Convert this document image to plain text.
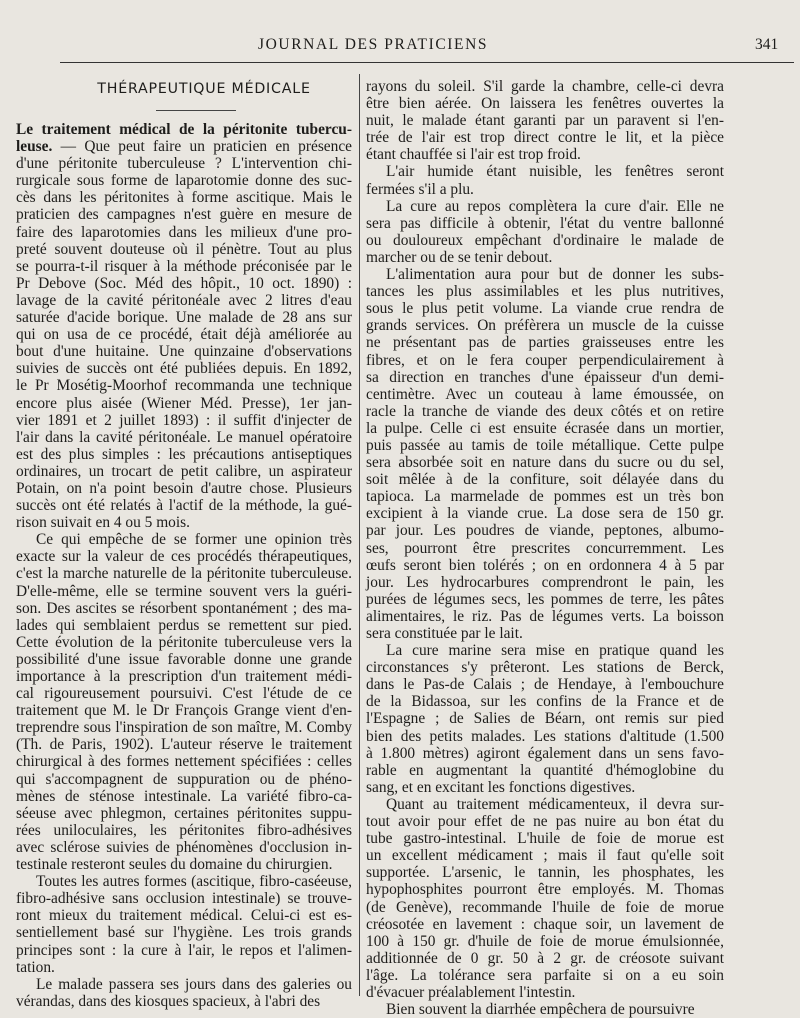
JOURNAL DES PRATICIENS	341
THÉRAPEUTIQUE MÉDICALE
Le traitement médical de la péritonite tubercu-
leuse. — Que peut faire un praticien en présence
d'une péritonite tuberculeuse ? L'intervention chi-
rurgicale sous forme de laparotomie donne des suc-
cès dans les péritonites à forme ascitique. Mais le
praticien des campagnes n'est guère en mesure de
faire des laparotomies dans les milieux d'une pro-
preté souvent douteuse où il pénètre. Tout au plus
se pourra-t-il risquer à la méthode préconisée par le
Pr Debove (Soc. Méd des hôpit., 10 oct. 1890) :
lavage de la cavité péritonéale avec 2 litres d'eau
saturée d'acide borique. Une malade de 28 ans sur
qui on usa de ce procédé, était déjà améliorée au
bout d'une huitaine. Une quinzaine d'observations
suivies de succès ont été publiées depuis. En 1892,
le Pr Mosétig-Moorhof recommanda une technique
encore plus aisée (Wiener Méd. Presse), 1er jan-
vier 1891 et 2 juillet 1893) : il suffit d'injecter de
l'air dans la cavité péritonéale. Le manuel opératoire
est des plus simples : les précautions antiseptiques
ordinaires, un trocart de petit calibre, un aspirateur
Potain, on n'a point besoin d'autre chose. Plusieurs
succès ont été relatés à l'actif de la méthode, la gué-
rison suivait en 4 ou 5 mois.
Ce qui empêche de se former une opinion très
exacte sur la valeur de ces procédés thérapeutiques,
c'est la marche naturelle de la péritonite tuberculeuse.
D'elle-même, elle se termine souvent vers la guéri-
son. Des ascites se résorbent spontanément ; des ma-
lades qui semblaient perdus se remettent sur pied.
Cette évolution de la péritonite tuberculeuse vers la
possibilité d'une issue favorable donne une grande
importance à la prescription d'un traitement médi-
cal rigoureusement poursuivi. C'est l'étude de ce
traitement que M. le Dr François Grange vient d'en-
treprendre sous l'inspiration de son maître, M. Comby
(Th. de Paris, 1902). L'auteur réserve le traitement
chirurgical à des formes nettement spécifiées : celles
qui s'accompagnent de suppuration ou de phéno-
mènes de sténose intestinale. La variété fibro-ca-
séeuse avec phlegmon, certaines péritonites suppu-
rées uniloculaires, les péritonites fibro-adhésives
avec sclérose suivies de phénomènes d'occlusion in-
testinale resteront seules du domaine du chirurgien.
Toutes les autres formes (ascitique, fibro-caséeuse,
fibro-adhésive sans occlusion intestinale) se trouve-
ront mieux du traitement médical. Celui-ci est es-
sentiellement basé sur l'hygiène. Les trois grands
principes sont : la cure à l'air, le repos et l'alimen-
tation.
Le malade passera ses jours dans des galeries ou
vérandas, dans des kiosques spacieux, à l'abri des
rayons du soleil. S'il garde la chambre, celle-ci devra
être bien aérée. On laissera les fenêtres ouvertes la
nuit, le malade étant garanti par un paravent si l'en-
trée de l'air est trop direct contre le lit, et la pièce
étant chauffée si l'air est trop froid.
L'air humide étant nuisible, les fenêtres seront
fermées s'il a plu.
La cure au repos complètera la cure d'air. Elle ne
sera pas difficile à obtenir, l'état du ventre ballonné
ou douloureux empêchant d'ordinaire le malade de
marcher ou de se tenir debout.
L'alimentation aura pour but de donner les subs-
tances les plus assimilables et les plus nutritives,
sous le plus petit volume. La viande crue rendra de
grands services. On préfèrera un muscle de la cuisse
ne présentant pas de parties graisseuses entre les
fibres, et on le fera couper perpendiculairement à
sa direction en tranches d'une épaisseur d'un demi-
centimètre. Avec un couteau à lame émoussée, on
racle la tranche de viande des deux côtés et on retire
la pulpe. Celle ci est ensuite écrasée dans un mortier,
puis passée au tamis de toile métallique. Cette pulpe
sera absorbée soit en nature dans du sucre ou du sel,
soit mêlée à de la confiture, soit délayée dans du
tapioca. La marmelade de pommes est un très bon
excipient à la viande crue. La dose sera de 150 gr.
par jour. Les poudres de viande, peptones, albumo-
ses, pourront être prescrites concurremment. Les
œufs seront bien tolérés ; on en ordonnera 4 à 5 par
jour. Les hydrocarbures comprendront le pain, les
purées de légumes secs, les pommes de terre, les pâtes
alimentaires, le riz. Pas de légumes verts. La boisson
sera constituée par le lait.
La cure marine sera mise en pratique quand les
circonstances s'y prêteront. Les stations de Berck,
dans le Pas-de Calais ; de Hendaye, à l'embouchure
de la Bidassoa, sur les confins de la France et de
l'Espagne ; de Salies de Béarn, ont remis sur pied
bien des petits malades. Les stations d'altitude (1.500
à 1.800 mètres) agiront également dans un sens favo-
rable en augmentant la quantité d'hémoglobine du
sang, et en excitant les fonctions digestives.
Quant au traitement médicamenteux, il devra sur-
tout avoir pour effet de ne pas nuire au bon état du
tube gastro-intestinal. L'huile de foie de morue est
un excellent médicament ; mais il faut qu'elle soit
supportée. L'arsenic, le tannin, les phosphates, les
hypophosphites pourront être employés. M. Thomas
(de Genève), recommande l'huile de foie de morue
créosotée en lavement : chaque soir, un lavement de
100 à 150 gr. d'huile de foie de morue émulsionnée,
additionnée de 0 gr. 50 à 2 gr. de créosote suivant
l'âge. La tolérance sera parfaite si on a eu soin
d'évacuer préalablement l'intestin.
Bien souvent la diarrhée empêchera de poursuivre
